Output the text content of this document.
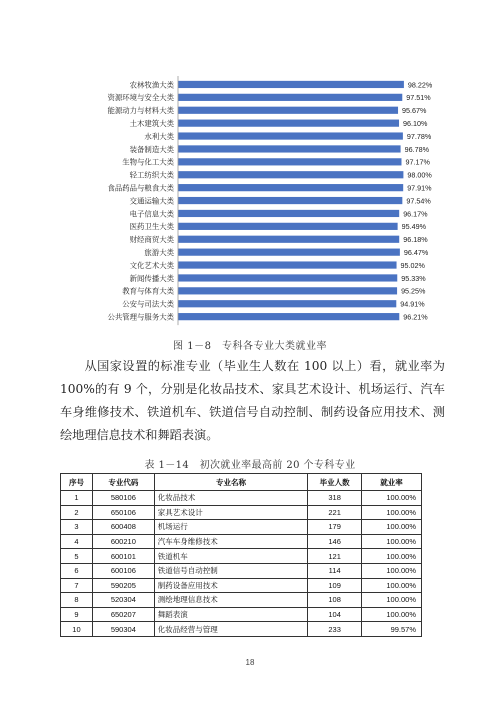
农林牧渔大类	98.22%
资源环境与安全大类	97.51%
能源动力与材料大类	95.67%
土木建筑大类	96.10%
水利大类	97.78%
装备制造大类	96.78%
生物与化工大类	97.17%
轻工纺织大类	98.00%
食品药品与粮食大类	97.91%
交通运输大类	97.54%
电子信息大类	96.17%
医药卫生大类	95.49%
财经商贸大类	96.18%
旅游大类	96.47%
文化艺术大类	95.02%
新闻传播大类	95.33%
教育与体育大类	95.25%
公安与司法大类	94.91%
公共管理与服务大类	96.21%
图 1－8　专科各专业大类就业率
从国家设置的标准专业（毕业生人数在 100 以上）看，就业率为 100%的有 9 个，分别是化妆品技术、家具艺术设计、机场运行、汽车车身维修技术、铁道机车、铁道信号自动控制、制药设备应用技术、测绘地理信息技术和舞蹈表演。
表 1－14　初次就业率最高前 20 个专科专业
序号	专业代码	专业名称	毕业人数	就业率
1	580106	化妆品技术	318	100.00%
2	650106	家具艺术设计	221	100.00%
3	600408	机场运行	179	100.00%
4	600210	汽车车身维修技术	146	100.00%
5	600101	铁道机车	121	100.00%
6	600106	铁道信号自动控制	114	100.00%
7	590205	制药设备应用技术	109	100.00%
8	520304	测绘地理信息技术	108	100.00%
9	650207	舞蹈表演	104	100.00%
10	590304	化妆品经营与管理	233	99.57%
18
